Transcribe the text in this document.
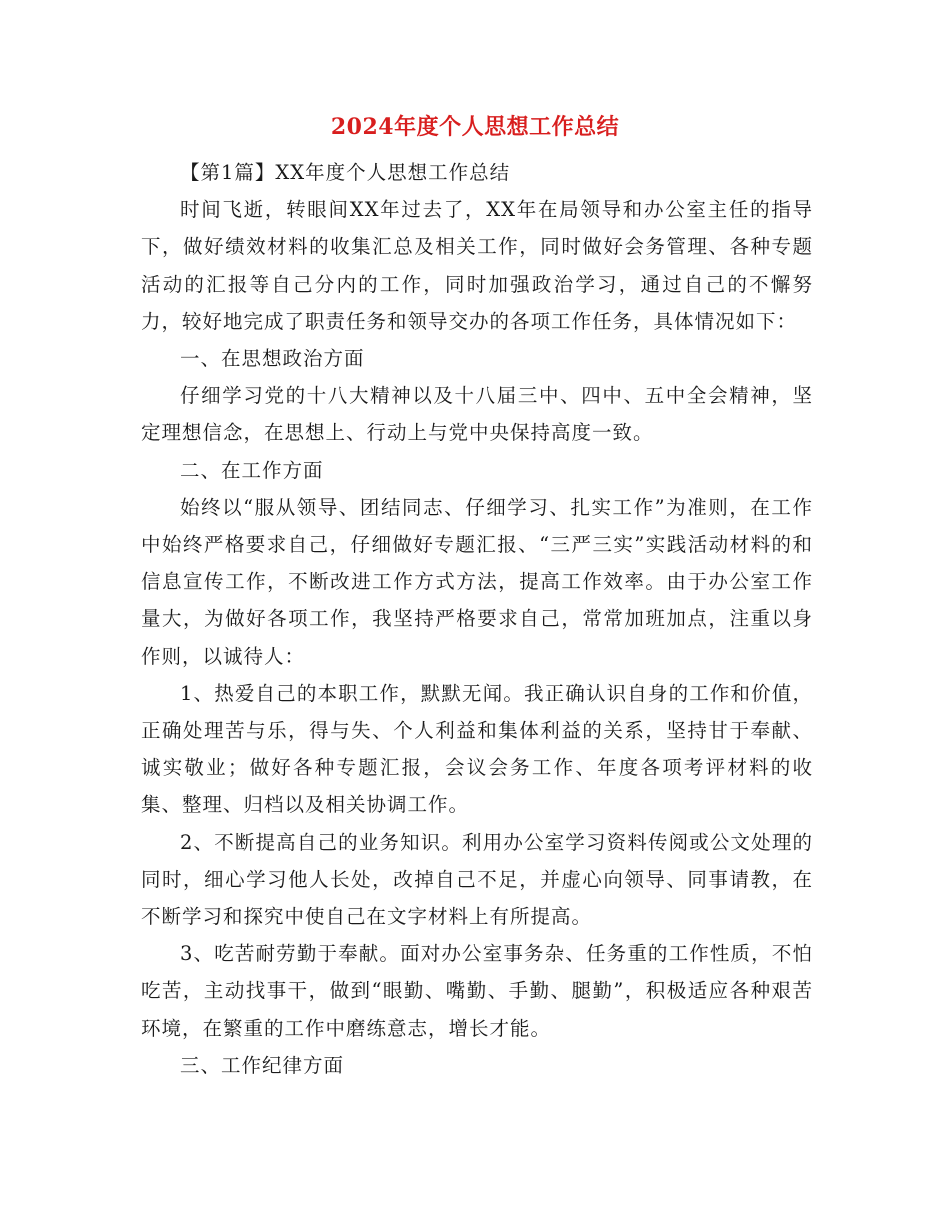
2024年度个人思想工作总结

【第1篇】XX年度个人思想工作总结

时间飞逝，转眼间XX年过去了，XX年在局领导和办公室主任的指导下，做好绩效材料的收集汇总及相关工作，同时做好会务管理、各种专题活动的汇报等自己分内的工作，同时加强政治学习，通过自己的不懈努力，较好地完成了职责任务和领导交办的各项工作任务，具体情况如下：

一、在思想政治方面

仔细学习党的十八大精神以及十八届三中、四中、五中全会精神，坚定理想信念，在思想上、行动上与党中央保持高度一致。

二、在工作方面

始终以“服从领导、团结同志、仔细学习、扎实工作”为准则，在工作中始终严格要求自己，仔细做好专题汇报、“三严三实”实践活动材料的和信息宣传工作，不断改进工作方式方法，提高工作效率。由于办公室工作量大，为做好各项工作，我坚持严格要求自己，常常加班加点，注重以身作则，以诚待人：

1、热爱自己的本职工作，默默无闻。我正确认识自身的工作和价值，正确处理苦与乐，得与失、个人利益和集体利益的关系，坚持甘于奉献、诚实敬业；做好各种专题汇报，会议会务工作、年度各项考评材料的收集、整理、归档以及相关协调工作。

2、不断提高自己的业务知识。利用办公室学习资料传阅或公文处理的同时，细心学习他人长处，改掉自己不足，并虚心向领导、同事请教，在不断学习和探究中使自己在文字材料上有所提高。

3、吃苦耐劳勤于奉献。面对办公室事务杂、任务重的工作性质，不怕吃苦，主动找事干，做到“眼勤、嘴勤、手勤、腿勤”，积极适应各种艰苦环境，在繁重的工作中磨练意志，增长才能。

三、工作纪律方面
